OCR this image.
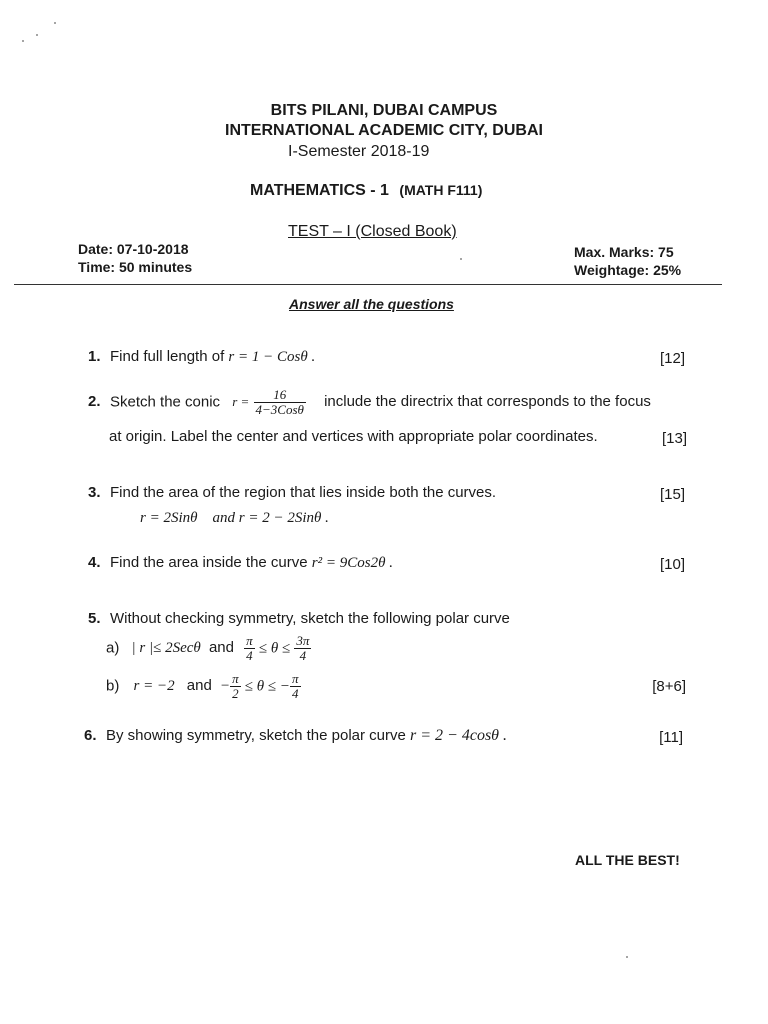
BITS PILANI, DUBAI CAMPUS
INTERNATIONAL ACADEMIC CITY, DUBAI
I-Semester 2018-19
MATHEMATICS - 1 (MATH F111)
TEST – I (Closed Book)
Date: 07-10-2018
Time: 50 minutes
Max. Marks: 75
Weightage: 25%
Answer all the questions
1. Find full length of r = 1 − Cosθ .	[12]
2. Sketch the conic $r = \frac{16}{\text{4−3Cosθ}}$ include the directrix that corresponds to the focus
at origin. Label the center and vertices with appropriate polar coordinates.	[13]
3. Find the area of the region that lies inside both the curves.	[15]
r = 2Sinθ    and r = 2 − 2Sinθ .
4. Find the area inside the curve r² = 9Cos2θ .	[10]
5. Without checking symmetry, sketch the following polar curve
a) | r |≤ 2Secθ and $\frac{\pi}{4} \le \theta \le \frac{3\pi}{4}$
b) r = −2 and − $\frac{\pi}{2} \le \theta$ ≤ − $\frac{\pi}{4}$	[8+6]
6. By showing symmetry, sketch the polar curve r = 2 − 4cosθ .	[11]
ALL THE BEST!
